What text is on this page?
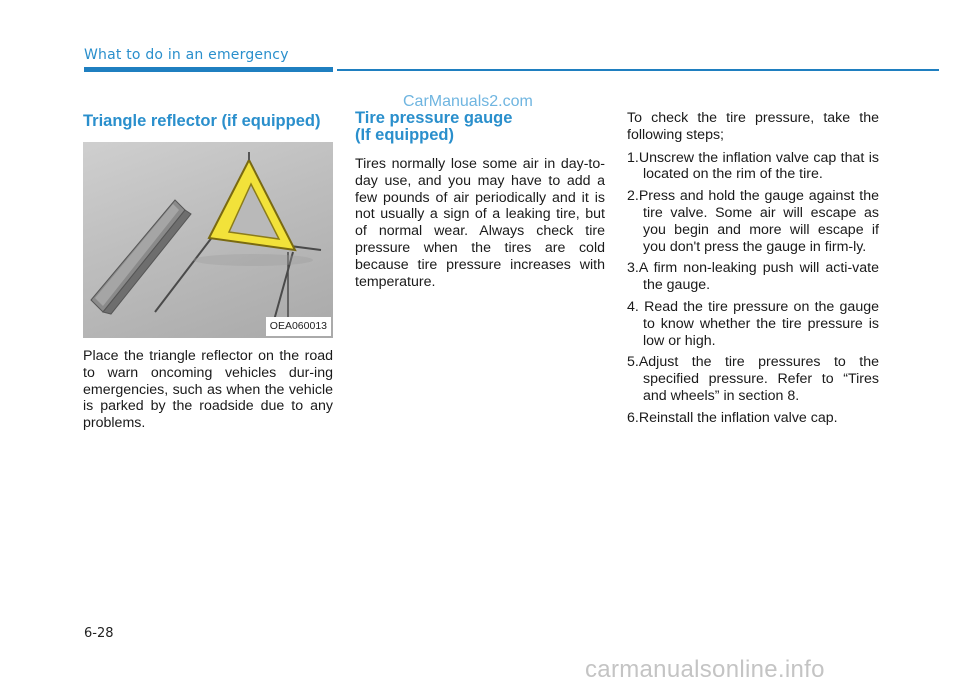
What to do in an emergency
CarManuals2.com
Triangle reflector (if equipped)
OEA060013

Place the triangle reflector on the road to warn oncoming vehicles dur-ing emergencies, such as when the vehicle is parked by the roadside due to any problems.

Tire pressure gauge
(If equipped)

Tires normally lose some air in day-to-day use, and you may have to add a few pounds of air periodically and it is not usually a sign of a leaking tire, but of normal wear. Always check tire pressure when the tires are cold because tire pressure increases with temperature.

To check the tire pressure, take the following steps;

1.Unscrew the inflation valve cap that is located on the rim of the tire.
2.Press and hold the gauge against the tire valve. Some air will escape as you begin and more will escape if you don't press the gauge in firm-ly.
3.A firm non-leaking push will acti-vate the gauge.
4. Read the tire pressure on the gauge to know whether the tire pressure is low or high.
5.Adjust the tire pressures to the specified pressure. Refer to “Tires and wheels” in section 8.
6.Reinstall the inflation valve cap.
6-28
carmanualsonline.info
